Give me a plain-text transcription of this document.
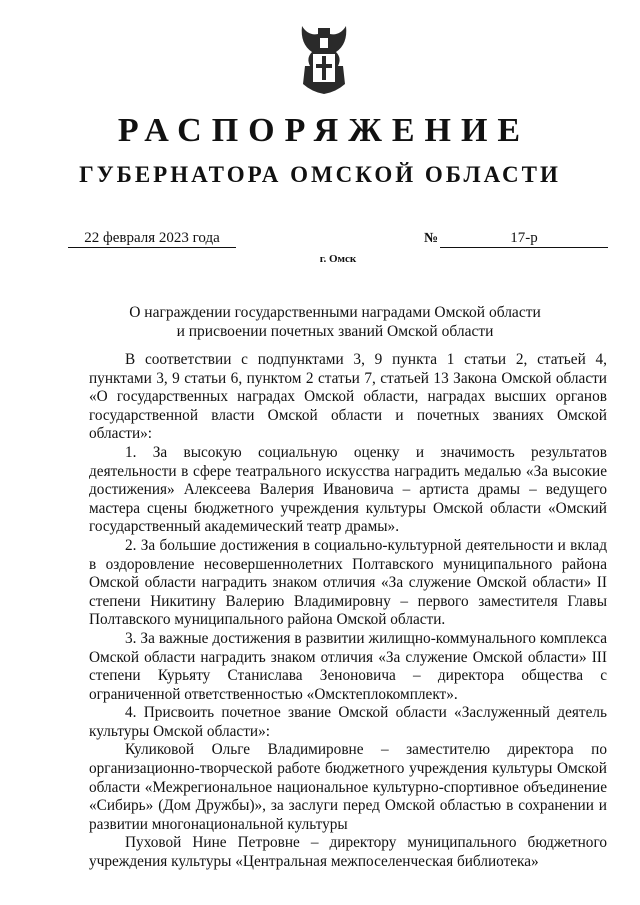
РАСПОРЯЖЕНИЕ
ГУБЕРНАТОРА ОМСКОЙ ОБЛАСТИ
22 февраля 2023 года	№	17-р
г. Омск
О награждении государственными наградами Омской области
и присвоении почетных званий Омской области

В соответствии с подпунктами 3, 9 пункта 1 статьи 2, статьей 4, пунктами 3, 9 статьи 6, пунктом 2 статьи 7, статьей 13 Закона Омской области «О государственных наградах Омской области, наградах высших органов государственной власти Омской области и почетных званиях Омской области»:

1. За высокую социальную оценку и значимость результатов деятельности в сфере театрального искусства наградить медалью «За высокие достижения» Алексеева Валерия Ивановича – артиста драмы – ведущего мастера сцены бюджетного учреждения культуры Омской области «Омский государственный академический театр драмы».

2. За большие достижения в социально-культурной деятельности и вклад в оздоровление несовершеннолетних Полтавского муниципального района Омской области наградить знаком отличия «За служение Омской области» II степени Никитину Валерию Владимировну – первого заместителя Главы Полтавского муниципального района Омской области.

3. За важные достижения в развитии жилищно-коммунального комплекса Омской области наградить знаком отличия «За служение Омской области» III степени Курьяту Станислава Зеноновича – директора общества с ограниченной ответственностью «Омсктеплокомплект».

4. Присвоить почетное звание Омской области «Заслуженный деятель культуры Омской области»:

Куликовой Ольге Владимировне – заместителю директора по организационно-творческой работе бюджетного учреждения культуры Омской области «Межрегиональное национальное культурно-спортивное объединение «Сибирь» (Дом Дружбы)», за заслуги перед Омской областью в сохранении и развитии многонациональной культуры

Пуховой Нине Петровне – директору муниципального бюджетного учреждения культуры «Центральная межпоселенческая библиотека»
